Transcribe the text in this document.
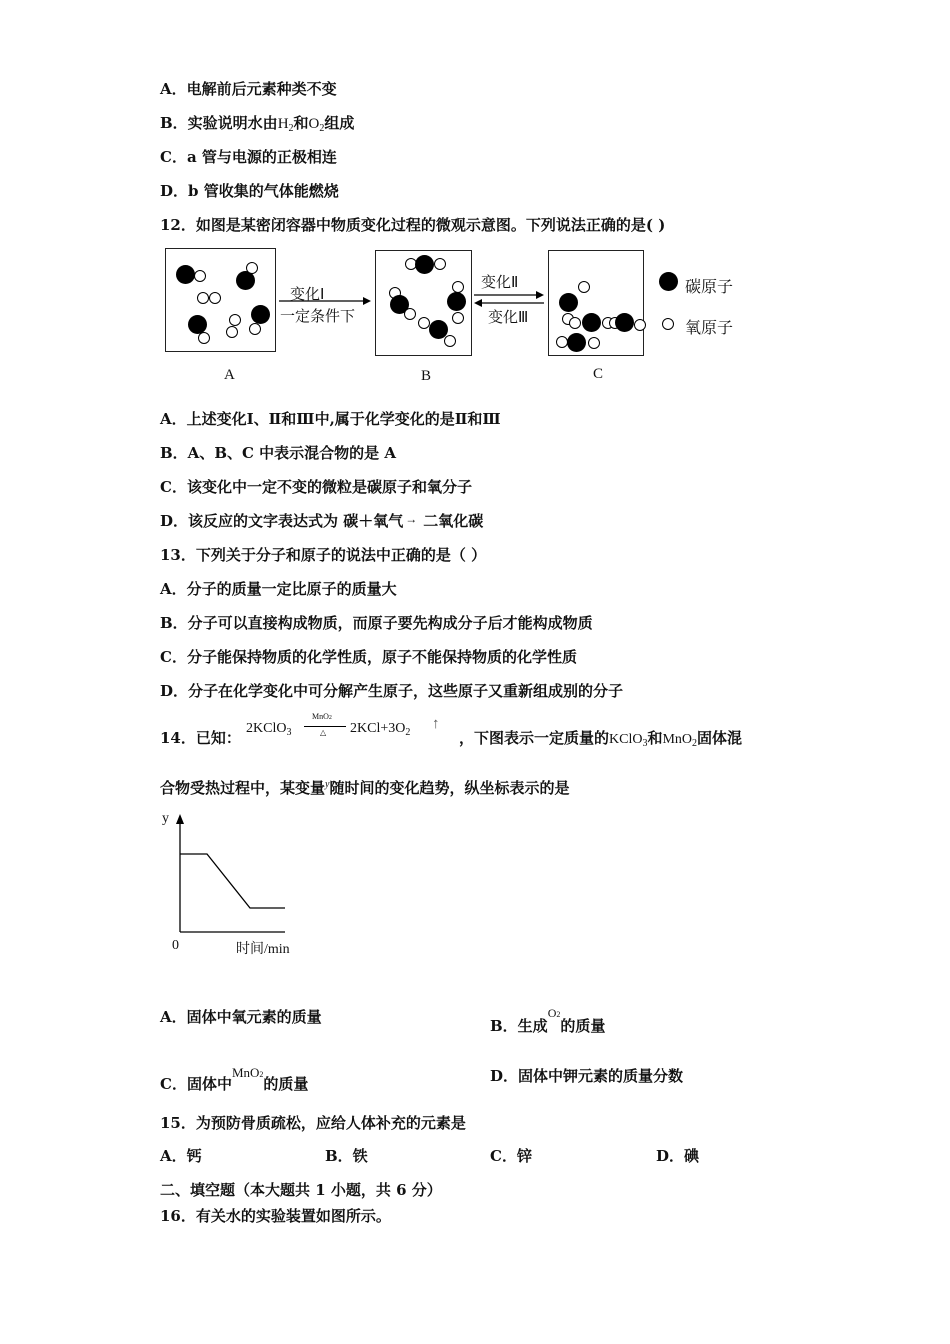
A．电解前后元素种类不变
B．实验说明水由$H_2$和$O_2$组成
C．a 管与电源的正极相连
D．b 管收集的气体能燃烧
12．如图是某密闭容器中物质变化过程的微观示意图。下列说法正确的是( )
A
变化Ⅰ
一定条件下
B
变化Ⅱ
变化Ⅲ
C
碳原子
氧原子
A．上述变化Ⅰ、Ⅱ和Ⅲ中,属于化学变化的是Ⅱ和Ⅲ
B．A、B、C 中表示混合物的是 A
C．该变化中一定不变的微粒是碳原子和氧分子
D．该反应的文字表达式为 碳＋氧气 → 二氧化碳
13．下列关于分子和原子的说法中正确的是（ ）
A．分子的质量一定比原子的质量大
B．分子可以直接构成物质，而原子要先构成分子后才能构成物质
C．分子能保持物质的化学性质，原子不能保持物质的化学性质
D．分子在化学变化中可分解产生原子，这些原子又重新组成别的分子
14．已知：
2KClO$_3$
MnO2
△ $2KCl+3O_2$
↑
，下图表示一定质量的KClO$_3$和MnO$_2$固体混
合物受热过程中，某变量$^y$随时间的变化趋势，纵坐标表示的是
y
0	时间/min
A．固体中氧元素的质量	B．生成$^{O2}$的质量
C．固体中MnO2的质量	D．固体中钾元素的质量分数
15．为预防骨质疏松，应给人体补充的元素是
A．钙	B．铁	C．锌	D．碘
二、填空题（本大题共 1 小题，共 6 分）
16．有关水的实验装置如图所示。
